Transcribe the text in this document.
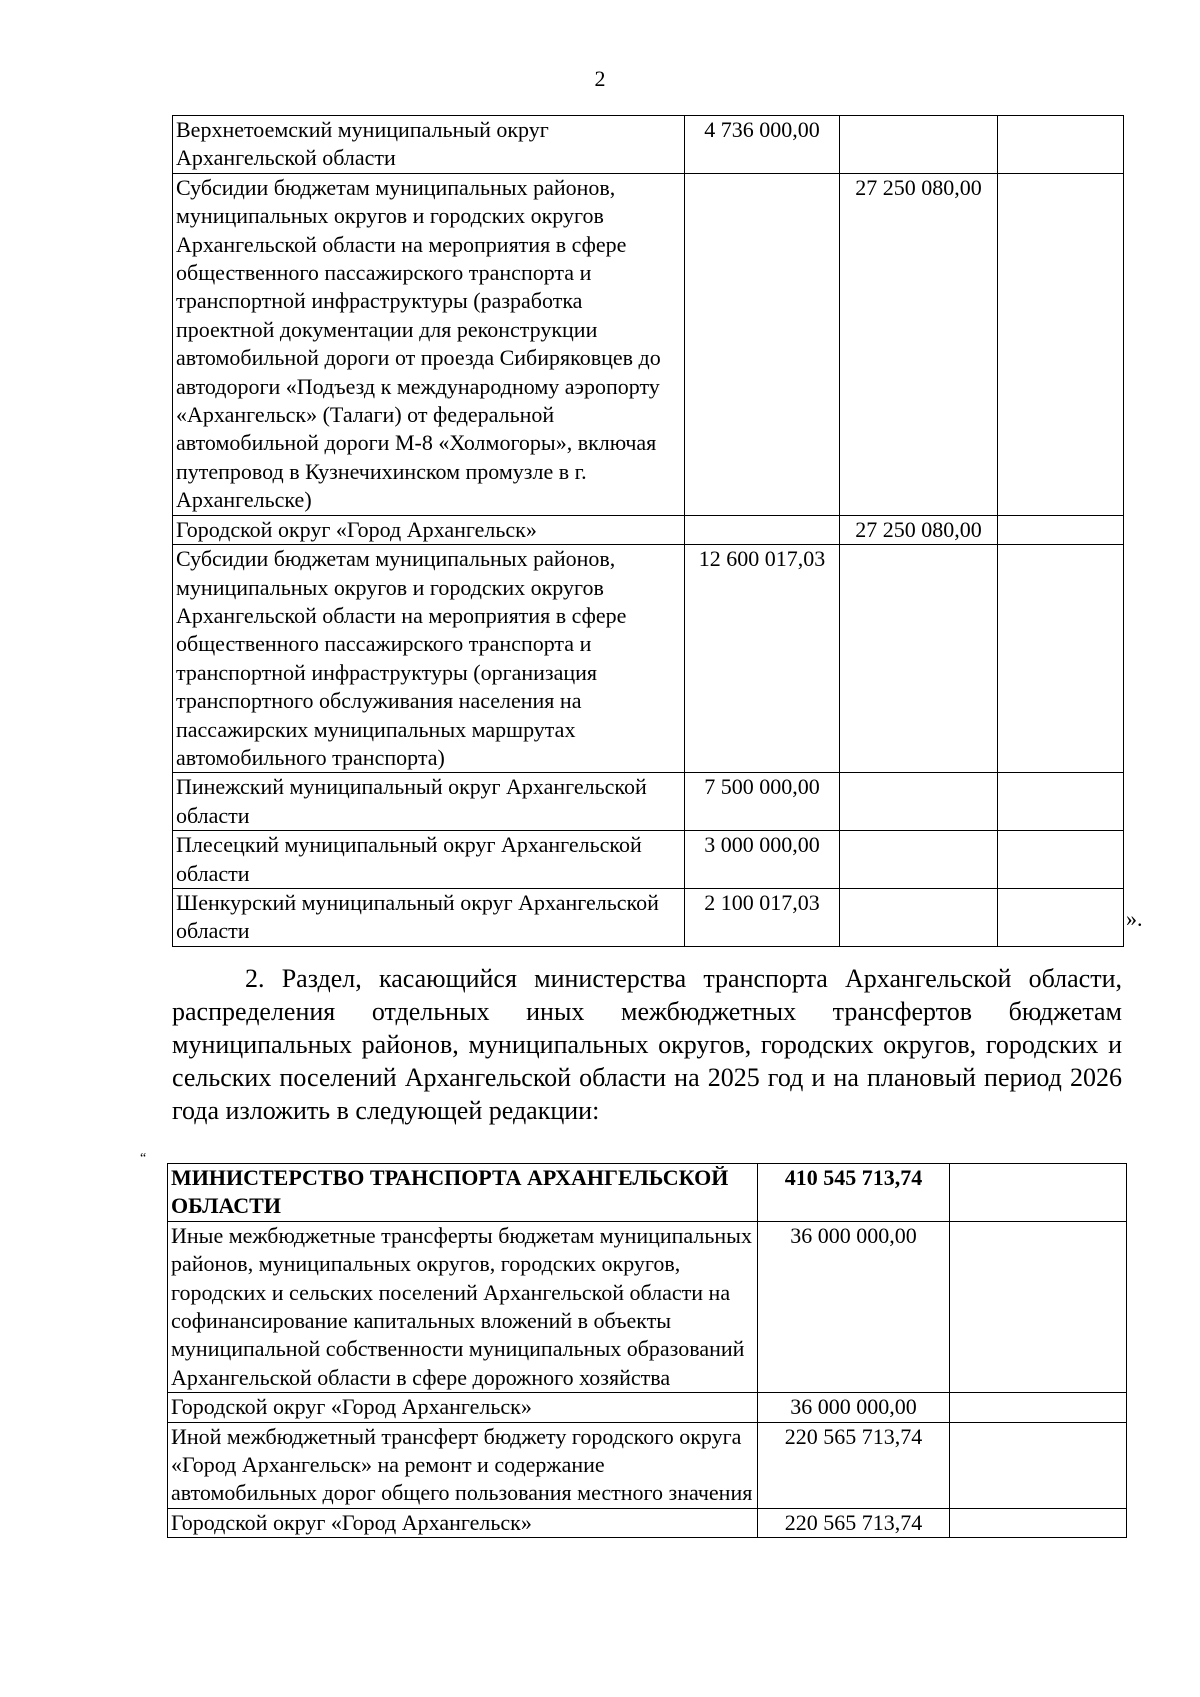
2
Верхнетоемский муниципальный округ Архангельской области	4 736 000,00		
Субсидии бюджетам муниципальных районов, муниципальных округов и городских округов Архангельской области на мероприятия в сфере общественного пассажирского транспорта и транспортной инфраструктуры (разработка проектной документации для реконструкции автомобильной дороги от проезда Сибиряковцев до автодороги «Подъезд к международному аэропорту «Архангельск» (Талаги) от федеральной автомобильной дороги М-8 «Холмогоры», включая путепровод в Кузнечихинском промузле в г. Архангельске)		27 250 080,00	
Городской округ «Город Архангельск»		27 250 080,00	
Субсидии бюджетам муниципальных районов, муниципальных округов и городских округов Архангельской области на мероприятия в сфере общественного пассажирского транспорта и транспортной инфраструктуры (организация транспортного обслуживания населения на пассажирских муниципальных маршрутах автомобильного транспорта)	12 600 017,03		
Пинежский муниципальный округ Архангельской области	7 500 000,00		
Плесецкий муниципальный округ Архангельской области	3 000 000,00		
Шенкурский муниципальный округ Архангельской области	2 100 017,03		
».
2. Раздел, касающийся министерства транспорта Архангельской области, распределения отдельных иных межбюджетных трансфертов бюджетам муниципальных районов, муниципальных округов, городских округов, городских и сельских поселений Архангельской области на 2025 год и на плановый период 2026 года изложить в следующей редакции:
“
МИНИСТЕРСТВО ТРАНСПОРТА АРХАНГЕЛЬСКОЙ ОБЛАСТИ	410 545 713,74	
Иные межбюджетные трансферты бюджетам муниципальных районов, муниципальных округов, городских округов, городских и сельских поселений Архангельской области на софинансирование капитальных вложений в объекты муниципальной собственности муниципальных образований Архангельской области в сфере дорожного хозяйства	36 000 000,00	
Городской округ «Город Архангельск»	36 000 000,00	
Иной межбюджетный трансферт бюджету городского округа «Город Архангельск» на ремонт и содержание автомобильных дорог общего пользования местного значения	220 565 713,74	
Городской округ «Город Архангельск»	220 565 713,74	
